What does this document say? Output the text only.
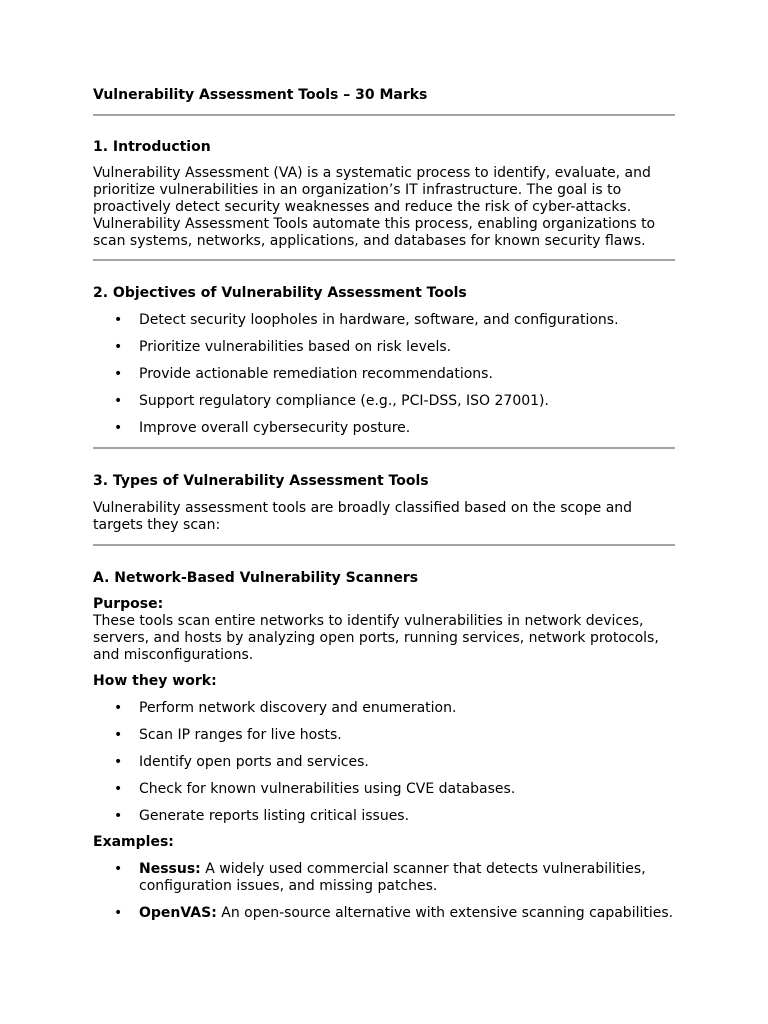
Vulnerability Assessment Tools – 30 Marks
1. Introduction

Vulnerability Assessment (VA) is a systematic process to identify, evaluate, and prioritize vulnerabilities in an organization’s IT infrastructure. The goal is to proactively detect security weaknesses and reduce the risk of cyber-attacks. Vulnerability Assessment Tools automate this process, enabling organizations to scan systems, networks, applications, and databases for known security flaws.

2. Objectives of Vulnerability Assessment Tools
• Detect security loopholes in hardware, software, and configurations.
• Prioritize vulnerabilities based on risk levels.
• Provide actionable remediation recommendations.
• Support regulatory compliance (e.g., PCI-DSS, ISO 27001).
• Improve overall cybersecurity posture.
3. Types of Vulnerability Assessment Tools

Vulnerability assessment tools are broadly classified based on the scope and targets they scan:

A. Network-Based Vulnerability Scanners
Purpose:

These tools scan entire networks to identify vulnerabilities in network devices, servers, and hosts by analyzing open ports, running services, network protocols, and misconfigurations.

How they work:
• Perform network discovery and enumeration.
• Scan IP ranges for live hosts.
• Identify open ports and services.
• Check for known vulnerabilities using CVE databases.
• Generate reports listing critical issues.
Examples:
• Nessus: A widely used commercial scanner that detects vulnerabilities, configuration issues, and missing patches.
• OpenVAS: An open-source alternative with extensive scanning capabilities.
